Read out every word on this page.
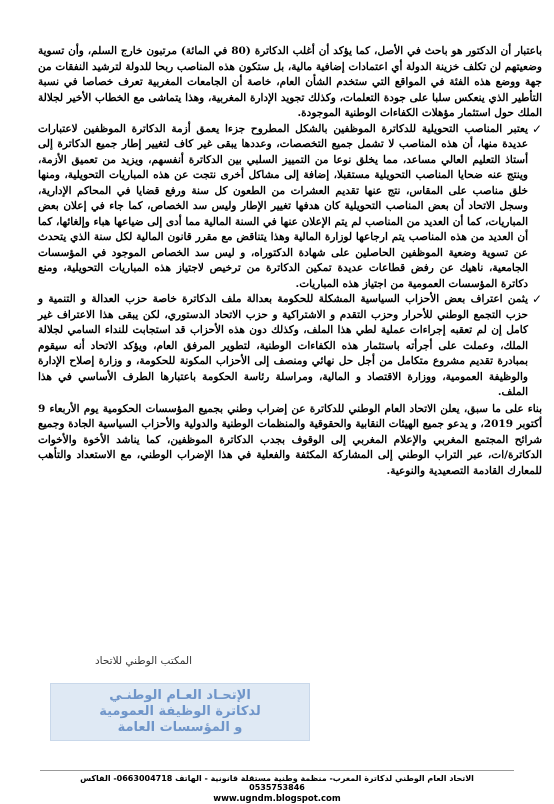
باعتبار أن الدكتور هو باحث في الأصل، كما يؤكد أن أغلب الدكاترة (80 في المائة) مرتبون خارج السلم، وأن تسوية وضعيتهم لن تكلف خزينة الدولة أي اعتمادات إضافية مالية، بل ستكون هذه المناصب ربحا للدولة لترشيد النفقات من جهة ووضع هذه الفئة في المواقع التي ستخدم الشأن العام، خاصة أن الجامعات المغربية تعرف خصاصا في نسبة التأطير الذي ينعكس سلبا على جودة التعلمات، وكذلك تجويد الإدارة المغربية، وهذا يتماشى مع الخطاب الأخير لجلالة الملك حول استثمار مؤهلات الكفاءات الوطنية الموجودة.

✓

يعتبر المناصب التحويلية للدكاترة الموظفين بالشكل المطروح جزءا يعمق أزمة الدكاترة الموظفين لاعتبارات عديدة منها، أن هذه المناصب لا تشمل جميع التخصصات، وعددها يبقى غير كاف لتغيير إطار جميع الدكاترة إلى أستاذ التعليم العالي مساعد، مما يخلق نوعا من التمييز السلبي بين الدكاترة أنفسهم، ويزيد من تعميق الأزمة، وينتج عنه ضحايا المناصب التحويلية مستقبلا، إضافة إلى مشاكل أخرى نتجت عن هذه المباريات التحويلية، ومنها خلق مناصب على المقاس، نتج عنها تقديم العشرات من الطعون كل سنة ورفع قضايا في المحاكم الإدارية، وسجل الاتحاد أن بعض المناصب التحويلية كان هدفها تغيير الإطار وليس سد الخصاص، كما جاء في إعلان بعض المباريات، كما أن العديد من المناصب لم يتم الإعلان عنها في السنة المالية مما أدى إلى ضياعها هباء وإلغائها، كما أن العديد من هذه المناصب يتم ارجاعها لوزارة المالية وهذا يتناقض مع مقرر قانون المالية لكل سنة الذي يتحدث عن تسوية وضعية الموظفين الحاصلين على شهادة الدكتوراه، و ليس سد الخصاص الموجود في المؤسسات الجامعية، ناهيك عن رفض قطاعات عديدة تمكين الدكاترة من ترخيص لاجتياز هذه المباريات التحويلية، ومنع دكاترة المؤسسات العمومية من اجتياز هذه المباريات.

✓

يثمن اعتراف بعض الأحزاب السياسية المشكلة للحكومة بعدالة ملف الدكاترة خاصة حزب العدالة و التنمية و حزب التجمع الوطني للأحرار وحزب التقدم و الاشتراكية و حزب الاتحاد الدستوري، لكن يبقى هذا الاعتراف غير كامل إن لم تعقبه إجراءات عملية لطي هذا الملف، وكذلك دون هذه الأحزاب قد استجابت للنداء السامي لجلالة الملك، وعملت على أجرأته باستثمار هذه الكفاءات الوطنية، لتطوير المرفق العام، ويؤكد الاتحاد أنه سيقوم بمبادرة تقديم مشروع متكامل من أجل حل نهائي ومنصف إلى الأحزاب المكونة للحكومة، و وزارة إصلاح الإدارة والوظيفة العمومية، ووزارة الاقتصاد و المالية، ومراسلة رئاسة الحكومة باعتبارها الطرف الأساسي في هذا الملف.

بناء على ما سبق، يعلن الاتحاد العام الوطني للدكاترة عن إضراب وطني بجميع المؤسسات الحكومية يوم الأربعاء 9 أكتوبر 2019، و يدعو جميع الهيئات النقابية والحقوقية والمنظمات الوطنية والدولية والأحزاب السياسية الجادة وجميع شرائح المجتمع المغربي والإعلام المغربي إلى الوقوف بجدب الدكاترة الموظفين، كما يناشد الأخوة والأخوات الدكاترة/ات، عبر التراب الوطني إلى المشاركة المكثفة والفعلية في هذا الإضراب الوطني، مع الاستعداد والتأهب للمعارك القادمة التصعيدية والنوعية.

المكتب الوطني للاتحاد
الإتحـاد العـام الوطنـي
لدكاترة الوظيفة العمومية
و المؤسسات العامة
الاتحاد العام الوطني لدكاترة المغرب- منظمة وطنية مستقلة قانونية - الهاتف 0663004718- الفاكس 0535753846
www.ugndm.blogspot.com
